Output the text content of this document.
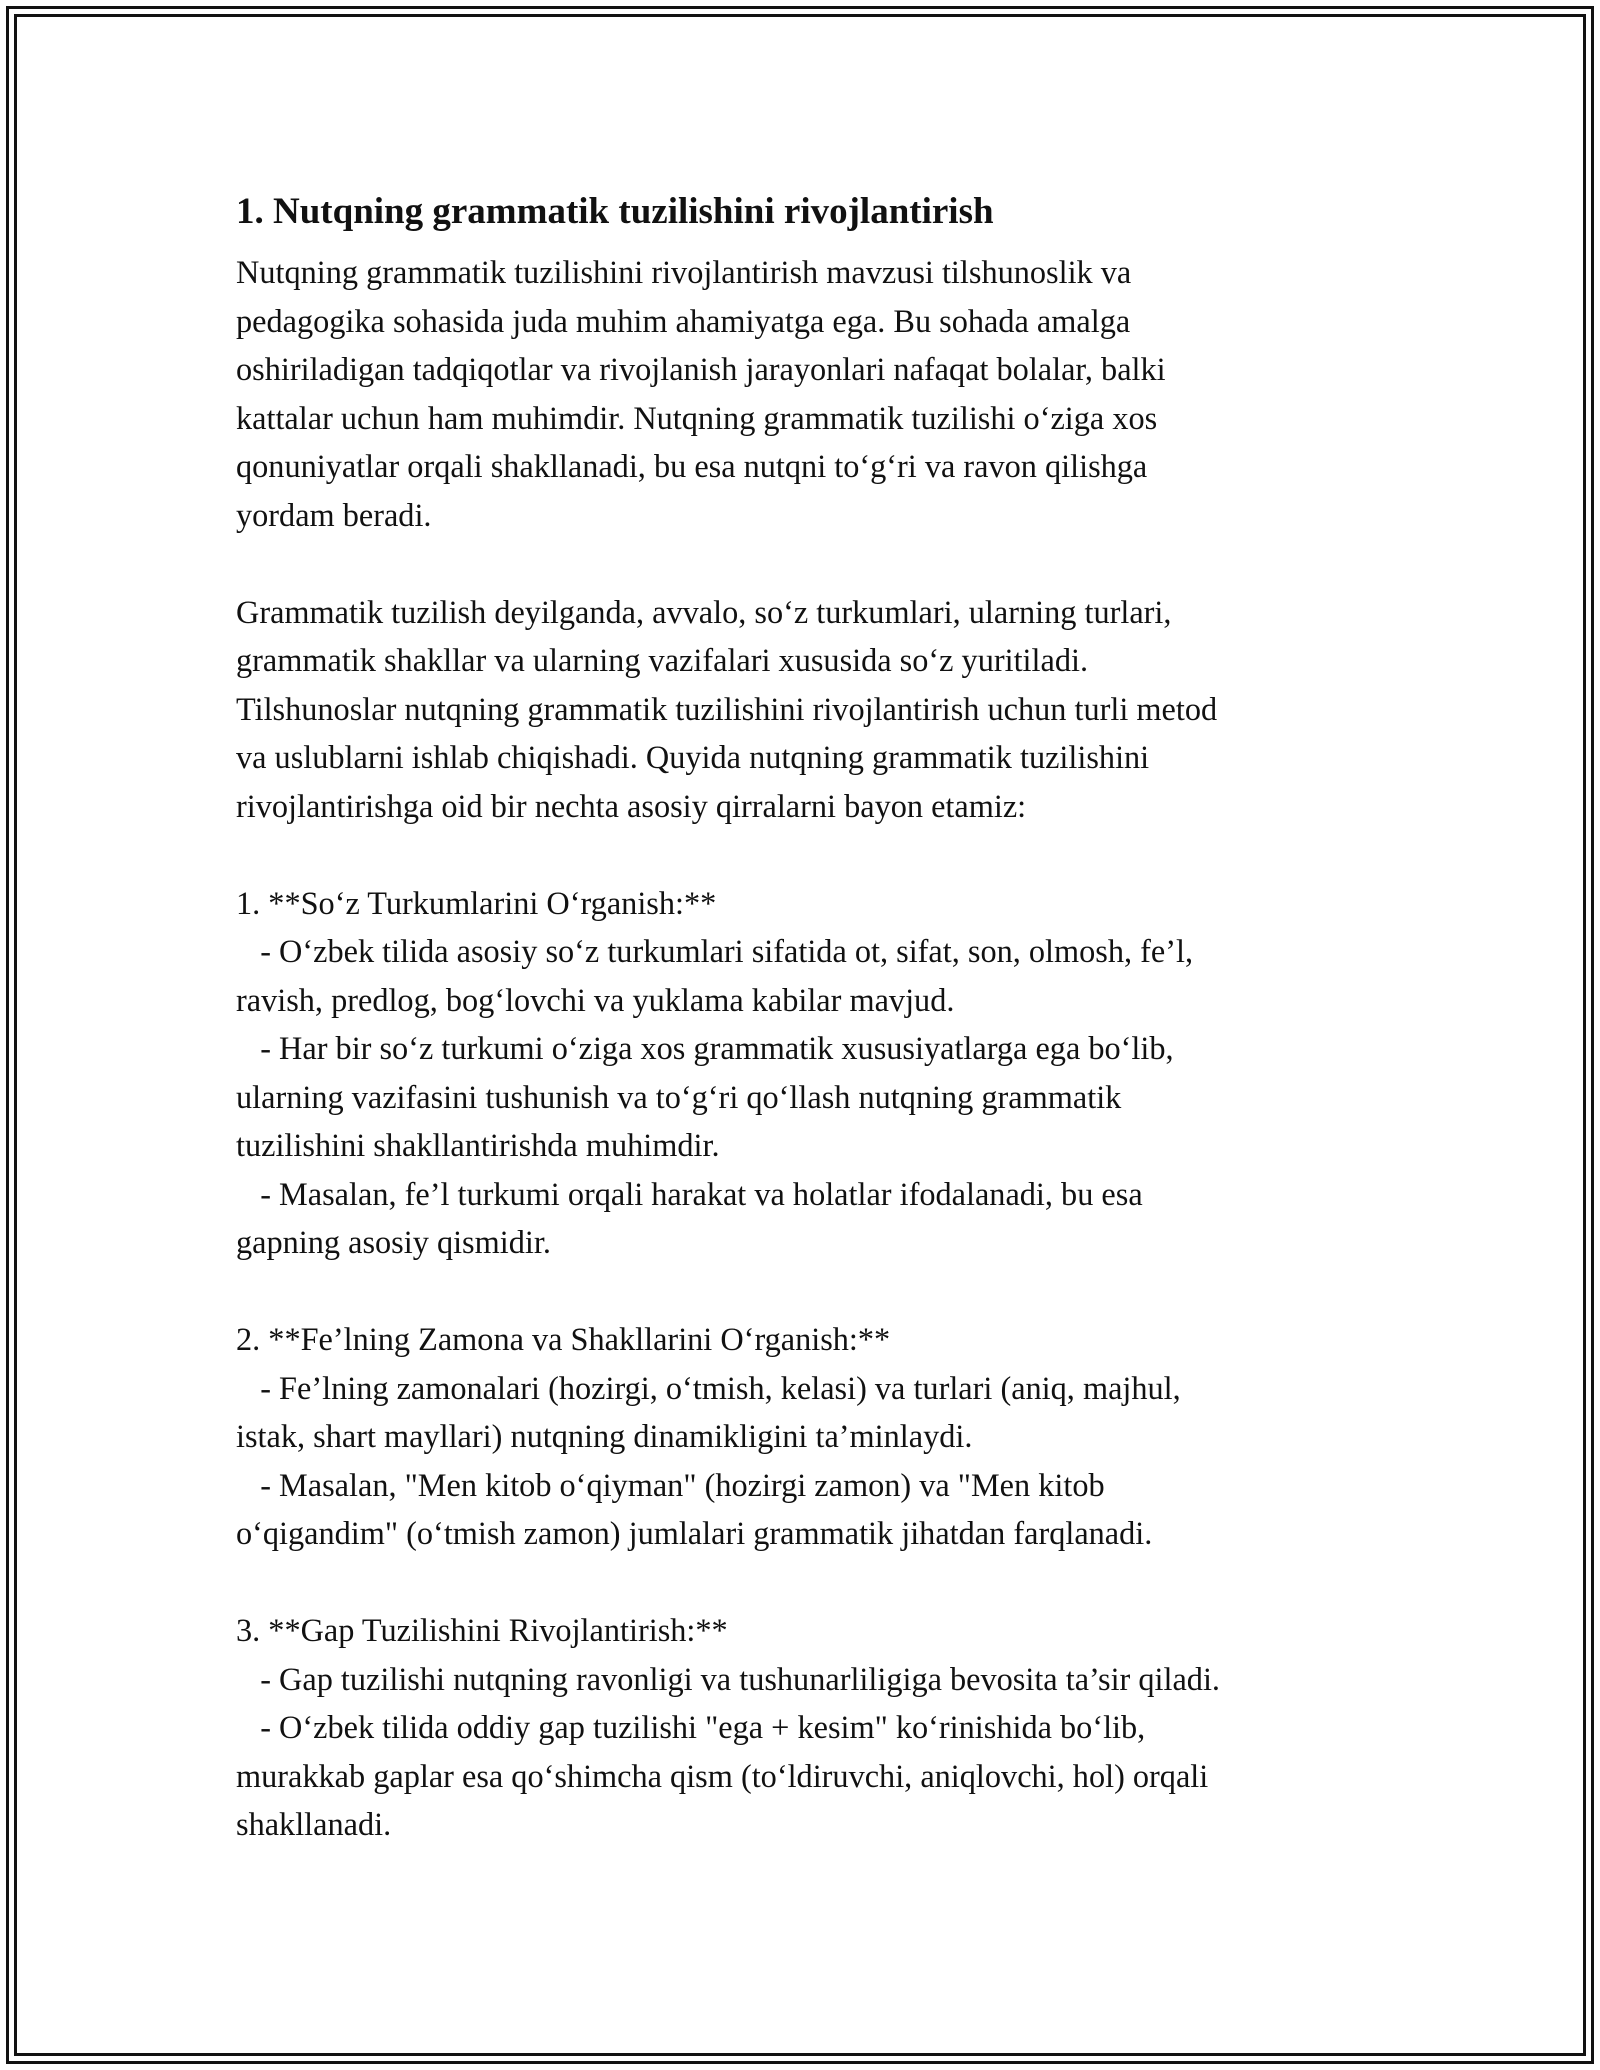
1. Nutqning grammatik tuzilishini rivojlantirish

Nutqning grammatik tuzilishini rivojlantirish mavzusi tilshunoslik va
pedagogika sohasida juda muhim ahamiyatga ega. Bu sohada amalga
oshiriladigan tadqiqotlar va rivojlanish jarayonlari nafaqat bolalar, balki
kattalar uchun ham muhimdir. Nutqning grammatik tuzilishi o‘ziga xos
qonuniyatlar orqali shakllanadi, bu esa nutqni to‘g‘ri va ravon qilishga
yordam beradi.

Grammatik tuzilish deyilganda, avvalo, so‘z turkumlari, ularning turlari,
grammatik shakllar va ularning vazifalari xususida so‘z yuritiladi.
Tilshunoslar nutqning grammatik tuzilishini rivojlantirish uchun turli metod
va uslublarni ishlab chiqishadi. Quyida nutqning grammatik tuzilishini
rivojlantirishga oid bir nechta asosiy qirralarni bayon etamiz:

1. **So‘z Turkumlarini O‘rganish:**
- O‘zbek tilida asosiy so‘z turkumlari sifatida ot, sifat, son, olmosh, fe’l,
ravish, predlog, bog‘lovchi va yuklama kabilar mavjud.
- Har bir so‘z turkumi o‘ziga xos grammatik xususiyatlarga ega bo‘lib,
ularning vazifasini tushunish va to‘g‘ri qo‘llash nutqning grammatik
tuzilishini shakllantirishda muhimdir.
- Masalan, fe’l turkumi orqali harakat va holatlar ifodalanadi, bu esa
gapning asosiy qismidir.

2. **Fe’lning Zamona va Shakllarini O‘rganish:**
- Fe’lning zamonalari (hozirgi, o‘tmish, kelasi) va turlari (aniq, majhul,
istak, shart mayllari) nutqning dinamikligini ta’minlaydi.
- Masalan, "Men kitob o‘qiyman" (hozirgi zamon) va "Men kitob
o‘qigandim" (o‘tmish zamon) jumlalari grammatik jihatdan farqlanadi.

3. **Gap Tuzilishini Rivojlantirish:**
- Gap tuzilishi nutqning ravonligi va tushunarliligiga bevosita ta’sir qiladi.
- O‘zbek tilida oddiy gap tuzilishi "ega + kesim" ko‘rinishida bo‘lib,
murakkab gaplar esa qo‘shimcha qism (to‘ldiruvchi, aniqlovchi, hol) orqali
shakllanadi.
